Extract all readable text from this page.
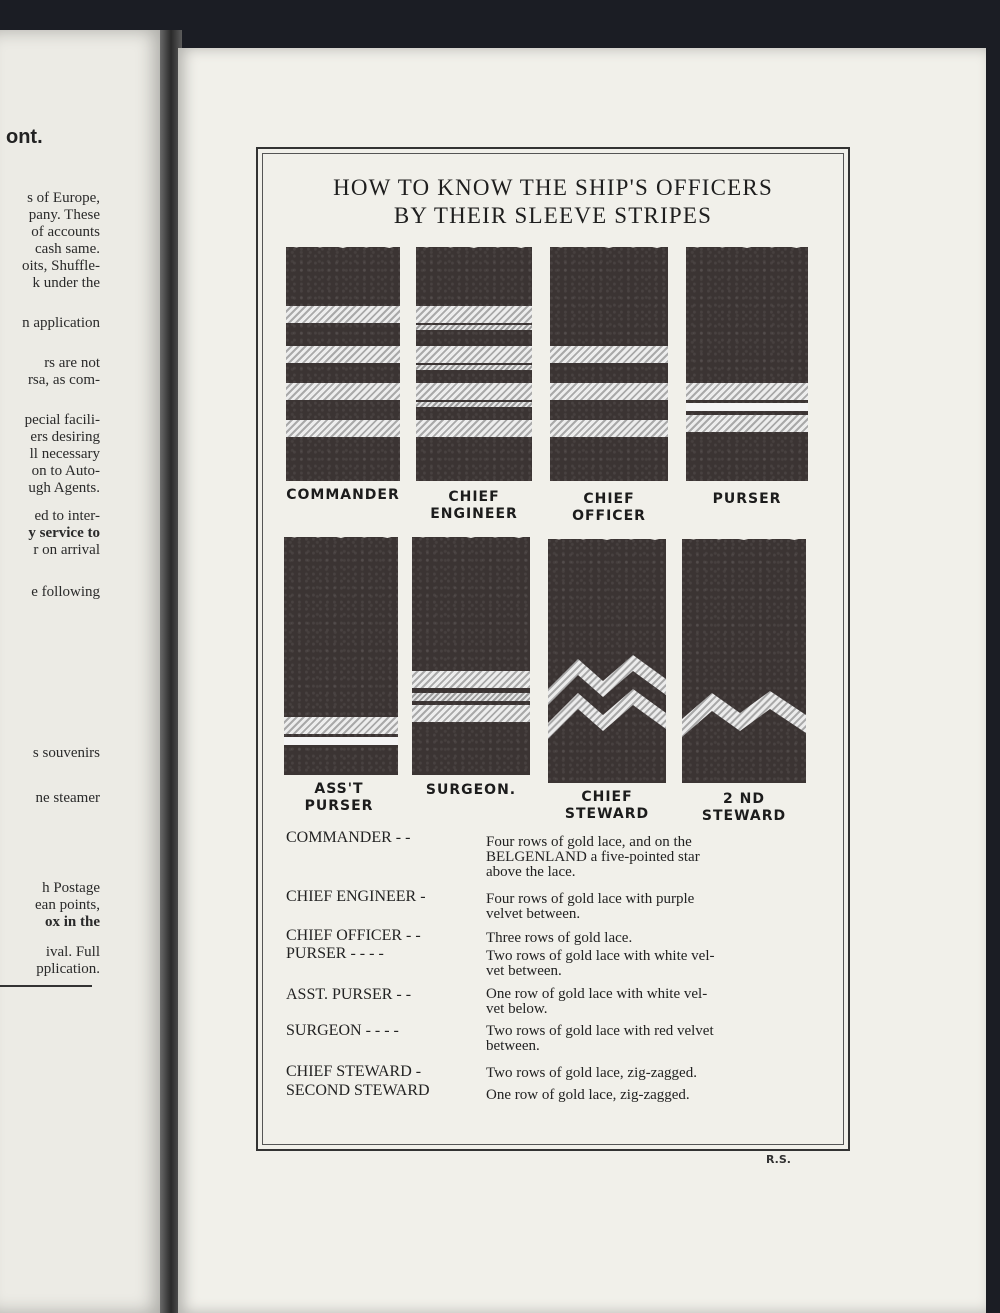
ont.
s of Europe,
pany. These
of accounts
cash same.
oits, Shuffle-
k under the
n application
rs are not
rsa, as com-
pecial facili-
ers desiring
ll necessary
on to Auto-
ugh Agents.
ed to inter-
y service to
r on arrival
e following
s souvenirs
ne steamer
h Postage
ean points,
ox in the
ival. Full
pplication.
HOW TO KNOW THE SHIP'S OFFICERS
BY THEIR SLEEVE STRIPES
COMMANDER	CHIEF
ENGINEER
CHIEF
OFFICER
PURSER
ASS'T
PURSER
SURGEON.	CHIEF
STEWARD
2 ND
STEWARD
COMMANDER - -	Four rows of gold lace, and on the
BELGENLAND a five-pointed star
above the lace.
CHIEF ENGINEER -	Four rows of gold lace with purple
velvet between.
CHIEF OFFICER - -	Three rows of gold lace.
PURSER - - - -	Two rows of gold lace with white vel-
vet between.
ASST. PURSER - -	One row of gold lace with white vel-
vet below.
SURGEON - - - -	Two rows of gold lace with red velvet
between.
CHIEF STEWARD -	Two rows of gold lace, zig-zagged.
SECOND STEWARD	One row of gold lace, zig-zagged.
R.S.
